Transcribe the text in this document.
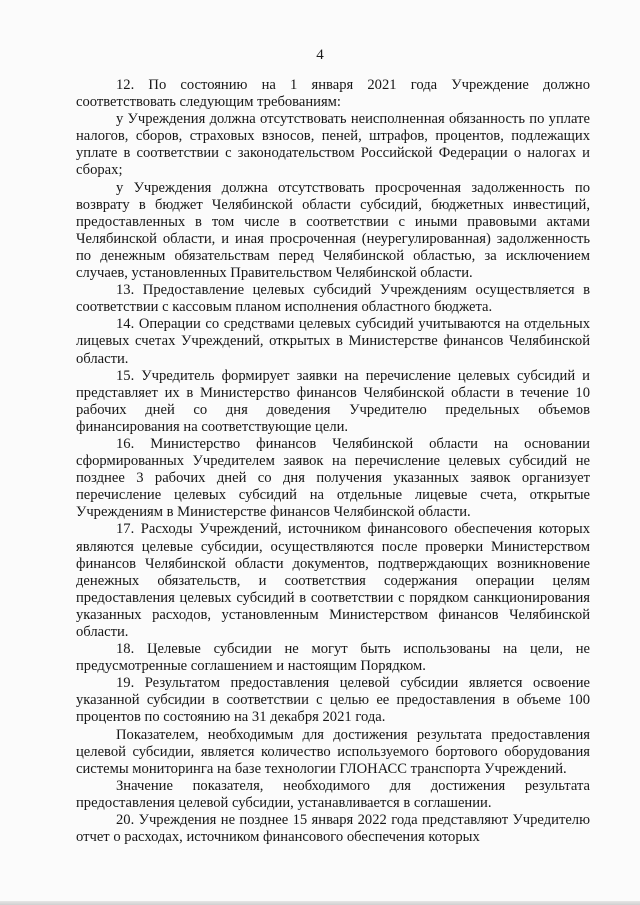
4

12. По состоянию на 1 января 2021 года Учреждение должно соответствовать следующим требованиям:

у Учреждения должна отсутствовать неисполненная обязанность по уплате налогов, сборов, страховых взносов, пеней, штрафов, процентов, подлежащих уплате в соответствии с законодательством Российской Федерации о налогах и сборах;

у Учреждения должна отсутствовать просроченная задолженность по возврату в бюджет Челябинской области субсидий, бюджетных инвестиций, предоставленных в том числе в соответствии с иными правовыми актами Челябинской области, и иная просроченная (неурегулированная) задолженность по денежным обязательствам перед Челябинской областью, за исключением случаев, установленных Правительством Челябинской области.

13. Предоставление целевых субсидий Учреждениям осуществляется в соответствии с кассовым планом исполнения областного бюджета.

14. Операции со средствами целевых субсидий учитываются на отдельных лицевых счетах Учреждений, открытых в Министерстве финансов Челябинской области.

15. Учредитель формирует заявки на перечисление целевых субсидий и представляет их в Министерство финансов Челябинской области в течение 10 рабочих дней со дня доведения Учредителю предельных объемов финансирования на соответствующие цели.

16. Министерство финансов Челябинской области на основании сформированных Учредителем заявок на перечисление целевых субсидий не позднее 3 рабочих дней со дня получения указанных заявок организует перечисление целевых субсидий на отдельные лицевые счета, открытые Учреждениям в Министерстве финансов Челябинской области.

17. Расходы Учреждений, источником финансового обеспечения которых являются целевые субсидии, осуществляются после проверки Министерством финансов Челябинской области документов, подтверждающих возникновение денежных обязательств, и соответствия содержания операции целям предоставления целевых субсидий в соответствии с порядком санкционирования указанных расходов, установленным Министерством финансов Челябинской области.

18. Целевые субсидии не могут быть использованы на цели, не предусмотренные соглашением и настоящим Порядком.

19. Результатом предоставления целевой субсидии является освоение указанной субсидии в соответствии с целью ее предоставления в объеме 100 процентов по состоянию на 31 декабря 2021 года.

Показателем, необходимым для достижения результата предоставления целевой субсидии, является количество используемого бортового оборудования системы мониторинга на базе технологии ГЛОНАСС транспорта Учреждений.

Значение показателя, необходимого для достижения результата предоставления целевой субсидии, устанавливается в соглашении.

20. Учреждения не позднее 15 января 2022 года представляют Учредителю отчет о расходах, источником финансового обеспечения которых
